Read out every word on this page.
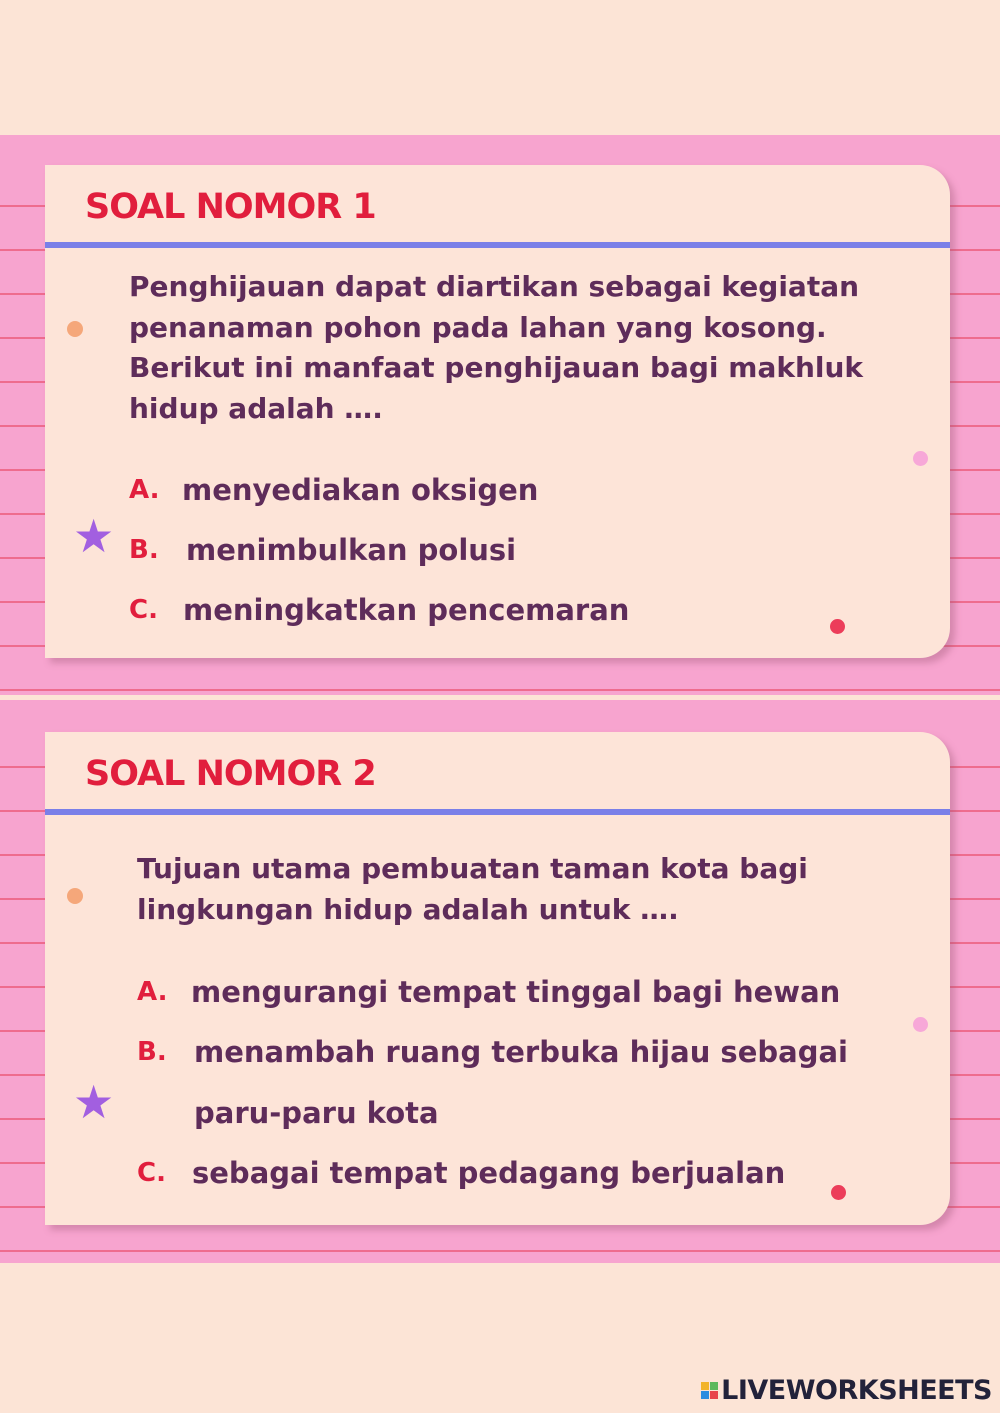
SOAL NOMOR 1
Penghijauan dapat diartikan sebagai kegiatan penanaman pohon pada lahan yang kosong. Berikut ini manfaat penghijauan bagi makhluk hidup adalah ….
A. menyediakan oksigen
B. menimbulkan polusi
C. meningkatkan pencemaran
★
SOAL NOMOR 2
Tujuan utama pembuatan taman kota bagi lingkungan hidup adalah untuk ….
A. mengurangi tempat tinggal bagi hewan
B. menambah ruang terbuka hijau sebagai
paru-paru kota
C. sebagai tempat pedagang berjualan
★
LIVEWORKSHEETS
